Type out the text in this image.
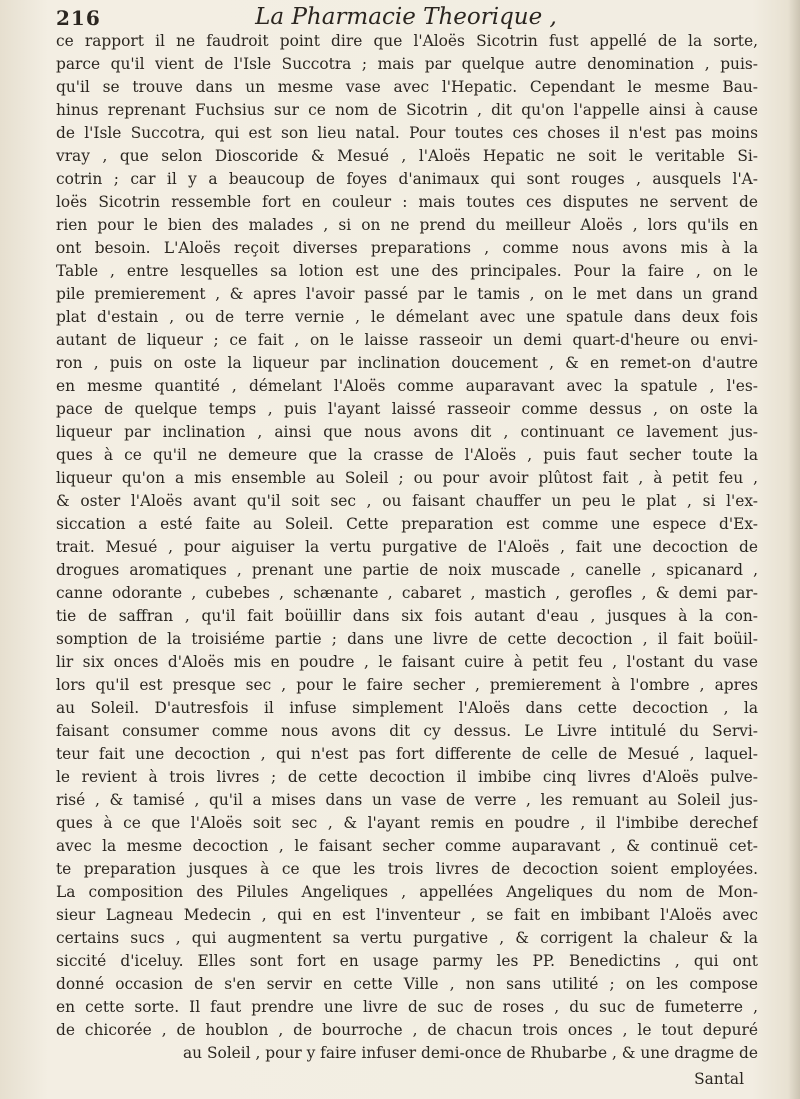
216	La Pharmacie Theorique ,
ce rapport il ne faudroit point dire que l'Aloës Sicotrin fust appellé de la sorte,
parce qu'il vient de l'Isle Succotra ; mais par quelque autre denomination , puis-
qu'il se trouve dans un mesme vase avec l'Hepatic. Cependant le mesme Bau-
hinus reprenant Fuchsius sur ce nom de Sicotrin , dit qu'on l'appelle ainsi à cause
de l'Isle Succotra, qui est son lieu natal. Pour toutes ces choses il n'est pas moins
vray , que selon Dioscoride & Mesué , l'Aloës Hepatic ne soit le veritable Si-
cotrin ; car il y a beaucoup de foyes d'animaux qui sont rouges , ausquels l'A-
loës Sicotrin ressemble fort en couleur : mais toutes ces disputes ne servent de
rien pour le bien des malades , si on ne prend du meilleur Aloës , lors qu'ils en
ont besoin. L'Aloës reçoit diverses preparations , comme nous avons mis à la
Table , entre lesquelles sa lotion est une des principales. Pour la faire , on le
pile premierement , & apres l'avoir passé par le tamis , on le met dans un grand
plat d'estain , ou de terre vernie , le démelant avec une spatule dans deux fois
autant de liqueur ; ce fait , on le laisse rasseoir un demi quart-d'heure ou envi-
ron , puis on oste la liqueur par inclination doucement , & en remet-on d'autre
en mesme quantité , démelant l'Aloës comme auparavant avec la spatule , l'es-
pace de quelque temps , puis l'ayant laissé rasseoir comme dessus , on oste la
liqueur par inclination , ainsi que nous avons dit , continuant ce lavement jus-
ques à ce qu'il ne demeure que la crasse de l'Aloës , puis faut secher toute la
liqueur qu'on a mis ensemble au Soleil ; ou pour avoir plûtost fait , à petit feu ,
& oster l'Aloës avant qu'il soit sec , ou faisant chauffer un peu le plat , si l'ex-
siccation a esté faite au Soleil. Cette preparation est comme une espece d'Ex-
trait. Mesué , pour aiguiser la vertu purgative de l'Aloës , fait une decoction de
drogues aromatiques , prenant une partie de noix muscade , canelle , spicanard ,
canne odorante , cubebes , schænante , cabaret , mastich , gerofles , & demi par-
tie de saffran , qu'il fait boüillir dans six fois autant d'eau , jusques à la con-
somption de la troisiéme partie ; dans une livre de cette decoction , il fait boüil-
lir six onces d'Aloës mis en poudre , le faisant cuire à petit feu , l'ostant du vase
lors qu'il est presque sec , pour le faire secher , premierement à l'ombre , apres
au Soleil. D'autresfois il infuse simplement l'Aloës dans cette decoction , la
faisant consumer comme nous avons dit cy dessus. Le Livre intitulé du Servi-
teur fait une decoction , qui n'est pas fort differente de celle de Mesué , laquel-
le revient à trois livres ; de cette decoction il imbibe cinq livres d'Aloës pulve-
risé , & tamisé , qu'il a mises dans un vase de verre , les remuant au Soleil jus-
ques à ce que l'Aloës soit sec , & l'ayant remis en poudre , il l'imbibe derechef
avec la mesme decoction , le faisant secher comme auparavant , & continuë cet-
te preparation jusques à ce que les trois livres de decoction soient employées.
La composition des Pilules Angeliques , appellées Angeliques du nom de Mon-
sieur Lagneau Medecin , qui en est l'inventeur , se fait en imbibant l'Aloës avec
certains sucs , qui augmentent sa vertu purgative , & corrigent la chaleur & la
siccité d'iceluy. Elles sont fort en usage parmy les PP. Benedictins , qui ont
donné occasion de s'en servir en cette Ville , non sans utilité ; on les compose
en cette sorte. Il faut prendre une livre de suc de roses , du suc de fumeterre ,
de chicorée , de houblon , de bourroche , de chacun trois onces , le tout depuré
au Soleil , pour y faire infuser demi-once de Rhubarbe , & une dragme de
Santal
